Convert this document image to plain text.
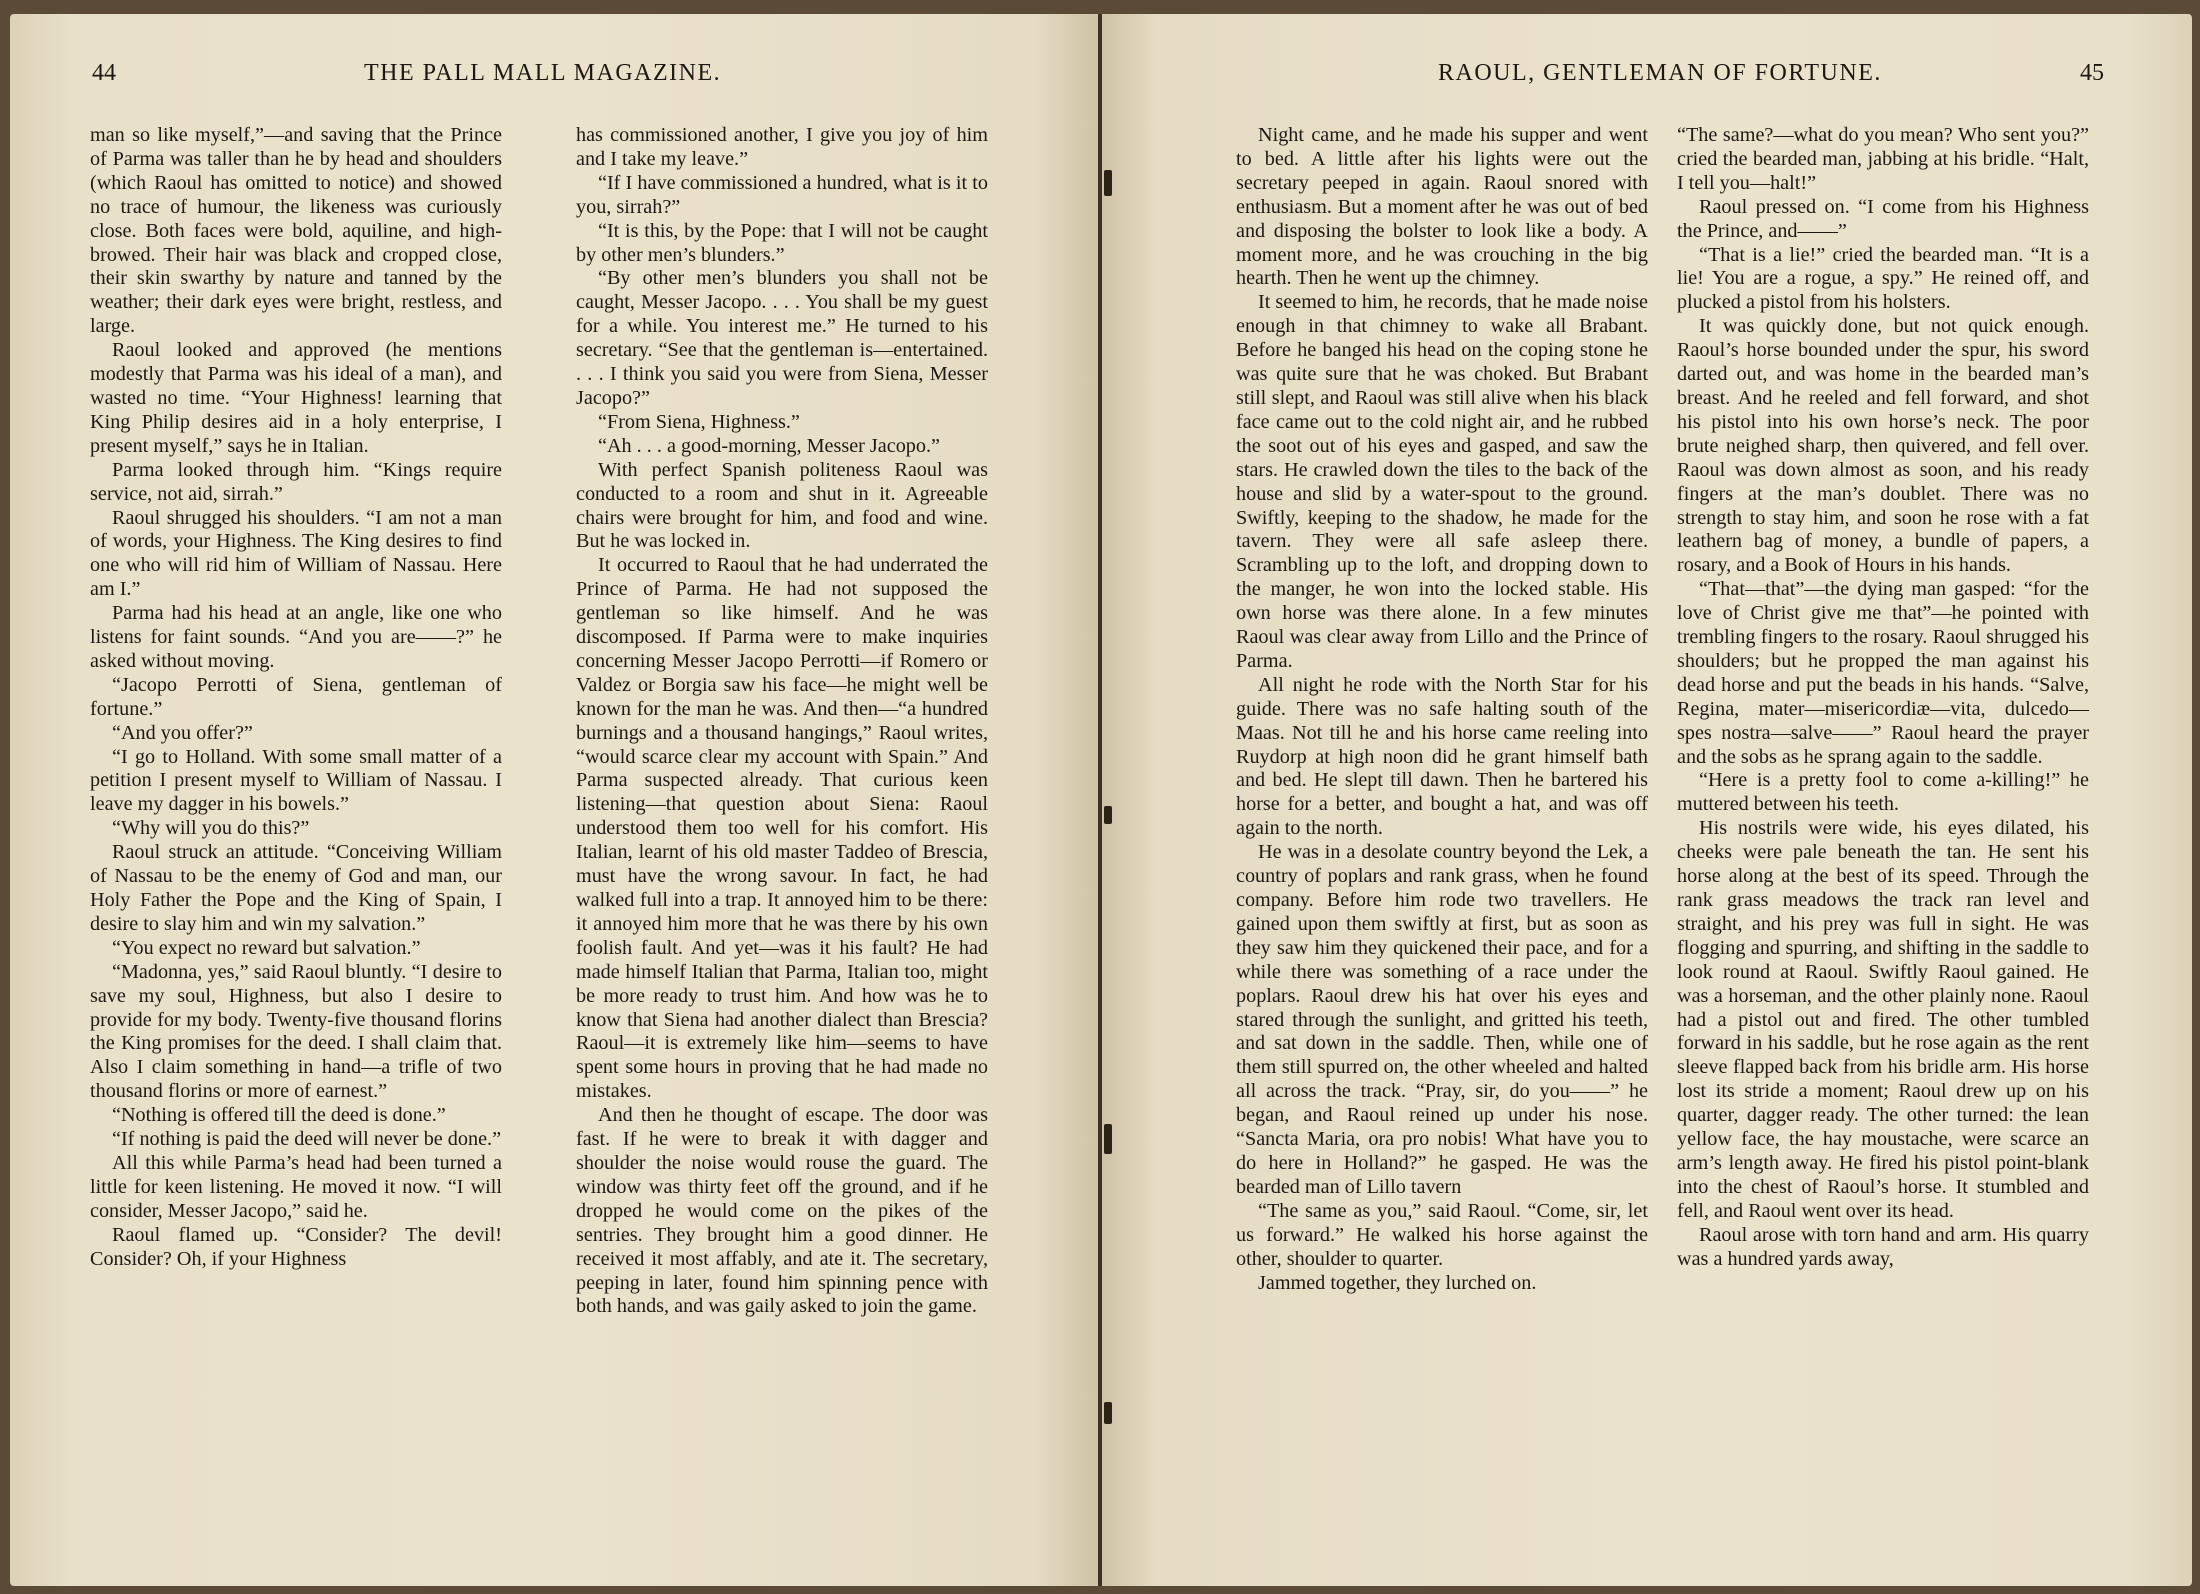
44	THE PALL MALL MAGAZINE.

man so like myself,”—and saving that the Prince of Parma was taller than he by head and shoulders (which Raoul has omitted to notice) and showed no trace of humour, the likeness was curiously close. Both faces were bold, aquiline, and high-browed. Their hair was black and cropped close, their skin swarthy by nature and tanned by the weather; their dark eyes were bright, restless, and large.

Raoul looked and approved (he mentions modestly that Parma was his ideal of a man), and wasted no time. “Your Highness! learning that King Philip desires aid in a holy enterprise, I present myself,” says he in Italian.

Parma looked through him. “Kings require service, not aid, sirrah.”

Raoul shrugged his shoulders. “I am not a man of words, your Highness. The King desires to find one who will rid him of William of Nassau. Here am I.”

Parma had his head at an angle, like one who listens for faint sounds. “And you are——?” he asked without moving.

“Jacopo Perrotti of Siena, gentleman of fortune.”

“And you offer?”

“I go to Holland. With some small matter of a petition I present myself to William of Nassau. I leave my dagger in his bowels.”

“Why will you do this?”

Raoul struck an attitude. “Conceiving William of Nassau to be the enemy of God and man, our Holy Father the Pope and the King of Spain, I desire to slay him and win my salvation.”

“You expect no reward but salvation.”

“Madonna, yes,” said Raoul bluntly. “I desire to save my soul, Highness, but also I desire to provide for my body. Twenty-five thousand florins the King promises for the deed. I shall claim that. Also I claim something in hand—a trifle of two thousand florins or more of earnest.”

“Nothing is offered till the deed is done.”

“If nothing is paid the deed will never be done.”

All this while Parma’s head had been turned a little for keen listening. He moved it now. “I will consider, Messer Jacopo,” said he.

Raoul flamed up. “Consider? The devil! Consider? Oh, if your Highness

has commissioned another, I give you joy of him and I take my leave.”

“If I have commissioned a hundred, what is it to you, sirrah?”

“It is this, by the Pope: that I will not be caught by other men’s blunders.”

“By other men’s blunders you shall not be caught, Messer Jacopo. . . . You shall be my guest for a while. You interest me.” He turned to his secretary. “See that the gentleman is—entertained. . . . I think you said you were from Siena, Messer Jacopo?”

“From Siena, Highness.”

“Ah . . . a good-morning, Messer Jacopo.”

With perfect Spanish politeness Raoul was conducted to a room and shut in it. Agreeable chairs were brought for him, and food and wine. But he was locked in.

It occurred to Raoul that he had underrated the Prince of Parma. He had not supposed the gentleman so like himself. And he was discomposed. If Parma were to make inquiries concerning Messer Jacopo Perrotti—if Romero or Valdez or Borgia saw his face—he might well be known for the man he was. And then—“a hundred burnings and a thousand hangings,” Raoul writes, “would scarce clear my account with Spain.” And Parma suspected already. That curious keen listening—that question about Siena: Raoul understood them too well for his comfort. His Italian, learnt of his old master Taddeo of Brescia, must have the wrong savour. In fact, he had walked full into a trap. It annoyed him to be there: it annoyed him more that he was there by his own foolish fault. And yet—was it his fault? He had made himself Italian that Parma, Italian too, might be more ready to trust him. And how was he to know that Siena had another dialect than Brescia? Raoul—it is extremely like him—seems to have spent some hours in proving that he had made no mistakes.

And then he thought of escape. The door was fast. If he were to break it with dagger and shoulder the noise would rouse the guard. The window was thirty feet off the ground, and if he dropped he would come on the pikes of the sentries. They brought him a good dinner. He received it most affably, and ate it. The secretary, peeping in later, found him spinning pence with both hands, and was gaily asked to join the game.

RAOUL, GENTLEMAN OF FORTUNE.	45

Night came, and he made his supper and went to bed. A little after his lights were out the secretary peeped in again. Raoul snored with enthusiasm. But a moment after he was out of bed and disposing the bolster to look like a body. A moment more, and he was crouching in the big hearth. Then he went up the chimney.

It seemed to him, he records, that he made noise enough in that chimney to wake all Brabant. Before he banged his head on the coping stone he was quite sure that he was choked. But Brabant still slept, and Raoul was still alive when his black face came out to the cold night air, and he rubbed the soot out of his eyes and gasped, and saw the stars. He crawled down the tiles to the back of the house and slid by a water-spout to the ground. Swiftly, keeping to the shadow, he made for the tavern. They were all safe asleep there. Scrambling up to the loft, and dropping down to the manger, he won into the locked stable. His own horse was there alone. In a few minutes Raoul was clear away from Lillo and the Prince of Parma.

All night he rode with the North Star for his guide. There was no safe halting south of the Maas. Not till he and his horse came reeling into Ruydorp at high noon did he grant himself bath and bed. He slept till dawn. Then he bartered his horse for a better, and bought a hat, and was off again to the north.

He was in a desolate country beyond the Lek, a country of poplars and rank grass, when he found company. Before him rode two travellers. He gained upon them swiftly at first, but as soon as they saw him they quickened their pace, and for a while there was something of a race under the poplars. Raoul drew his hat over his eyes and stared through the sunlight, and gritted his teeth, and sat down in the saddle. Then, while one of them still spurred on, the other wheeled and halted all across the track. “Pray, sir, do you——” he began, and Raoul reined up under his nose. “Sancta Maria, ora pro nobis! What have you to do here in Holland?” he gasped. He was the bearded man of Lillo tavern

“The same as you,” said Raoul. “Come, sir, let us forward.” He walked his horse against the other, shoulder to quarter.

Jammed together, they lurched on.

“The same?—what do you mean? Who sent you?” cried the bearded man, jabbing at his bridle. “Halt, I tell you—halt!”

Raoul pressed on. “I come from his Highness the Prince, and——”

“That is a lie!” cried the bearded man. “It is a lie! You are a rogue, a spy.” He reined off, and plucked a pistol from his holsters.

It was quickly done, but not quick enough. Raoul’s horse bounded under the spur, his sword darted out, and was home in the bearded man’s breast. And he reeled and fell forward, and shot his pistol into his own horse’s neck. The poor brute neighed sharp, then quivered, and fell over. Raoul was down almost as soon, and his ready fingers at the man’s doublet. There was no strength to stay him, and soon he rose with a fat leathern bag of money, a bundle of papers, a rosary, and a Book of Hours in his hands.

“That—that”—the dying man gasped: “for the love of Christ give me that”—he pointed with trembling fingers to the rosary. Raoul shrugged his shoulders; but he propped the man against his dead horse and put the beads in his hands. “Salve, Regina, mater—misericordiæ—vita, dulcedo—spes nostra—salve——” Raoul heard the prayer and the sobs as he sprang again to the saddle.

“Here is a pretty fool to come a-killing!” he muttered between his teeth.

His nostrils were wide, his eyes dilated, his cheeks were pale beneath the tan. He sent his horse along at the best of its speed. Through the rank grass meadows the track ran level and straight, and his prey was full in sight. He was flogging and spurring, and shifting in the saddle to look round at Raoul. Swiftly Raoul gained. He was a horseman, and the other plainly none. Raoul had a pistol out and fired. The other tumbled forward in his saddle, but he rose again as the rent sleeve flapped back from his bridle arm. His horse lost its stride a moment; Raoul drew up on his quarter, dagger ready. The other turned: the lean yellow face, the hay moustache, were scarce an arm’s length away. He fired his pistol point-blank into the chest of Raoul’s horse. It stumbled and fell, and Raoul went over its head.

Raoul arose with torn hand and arm. His quarry was a hundred yards away,
